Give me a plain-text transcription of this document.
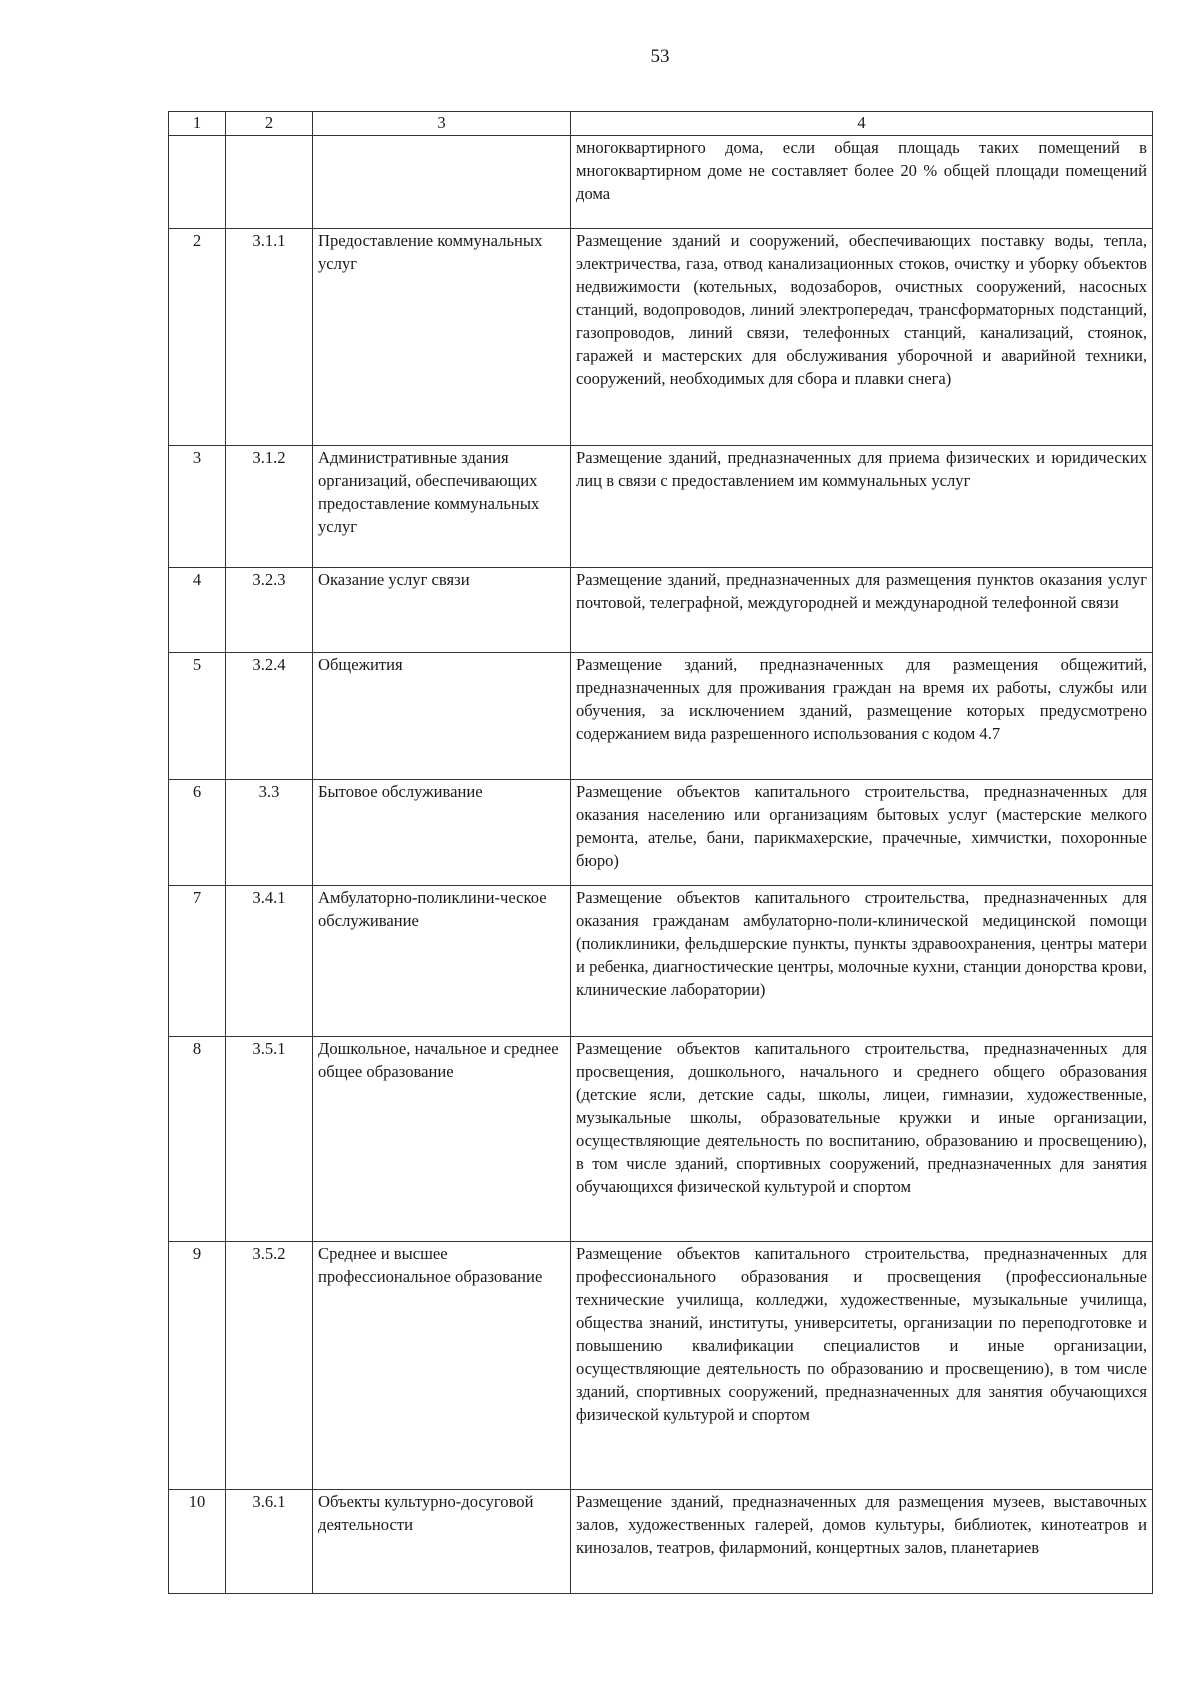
53
1	2	3	4
			многоквартирного дома, если общая площадь таких помещений в многоквартирном доме не составляет более 20 % общей площади помещений дома
2	3.1.1	Предоставление коммунальных услуг	Размещение зданий и сооружений, обеспечивающих поставку воды, тепла, электричества, газа, отвод канализационных стоков, очистку и уборку объектов недвижимости (котельных, водозаборов, очистных сооружений, насосных станций, водопроводов, линий электропередач, трансформаторных подстанций, газопроводов, линий связи, телефонных станций, канализаций, стоянок, гаражей и мастерских для обслуживания уборочной и аварийной техники, сооружений, необходимых для сбора и плавки снега)
3	3.1.2	Административные здания организаций, обеспечивающих предоставление коммунальных услуг	Размещение зданий, предназначенных для приема физических и юридических лиц в связи с предоставлением им коммунальных услуг
4	3.2.3	Оказание услуг связи	Размещение зданий, предназначенных для размещения пунктов оказания услуг почтовой, телеграфной, междугородней и международной телефонной связи
5	3.2.4	Общежития	Размещение зданий, предназначенных для размещения общежитий, предназначенных для проживания граждан на время их работы, службы или обучения, за исключением зданий, размещение которых предусмотрено содержанием вида разрешенного использования с кодом 4.7
6	3.3	Бытовое обслуживание	Размещение объектов капитального строительства, предназначенных для оказания населению или организациям бытовых услуг (мастерские мелкого ремонта, ателье, бани, парикмахерские, прачечные, химчистки, похоронные бюро)
7	3.4.1	Амбулаторно-поликлини-ческое обслуживание	Размещение объектов капитального строительства, предназначенных для оказания гражданам амбулаторно-поли-клинической медицинской помощи (поликлиники, фельдшерские пункты, пункты здравоохранения, центры матери и ребенка, диагностические центры, молочные кухни, станции донорства крови, клинические лаборатории)
8	3.5.1	Дошкольное, начальное и среднее общее образование	Размещение объектов капитального строительства, предназначенных для просвещения, дошкольного, начального и среднего общего образования (детские ясли, детские сады, школы, лицеи, гимназии, художественные, музыкальные школы, образовательные кружки и иные организации, осуществляющие деятельность по воспитанию, образованию и просвещению), в том числе зданий, спортивных сооружений, предназначенных для занятия обучающихся физической культурой и спортом
9	3.5.2	Среднее и высшее профессиональное образование	Размещение объектов капитального строительства, предназначенных для профессионального образования и просвещения (профессиональные технические училища, колледжи, художественные, музыкальные училища, общества знаний, институты, университеты, организации по переподготовке и повышению квалификации специалистов и иные организации, осуществляющие деятельность по образованию и просвещению), в том числе зданий, спортивных сооружений, предназначенных для занятия обучающихся физической культурой и спортом
10	3.6.1	Объекты культурно-досуговой деятельности	Размещение зданий, предназначенных для размещения музеев, выставочных залов, художественных галерей, домов культуры, библиотек, кинотеатров и кинозалов, театров, филармоний, концертных залов, планетариев
